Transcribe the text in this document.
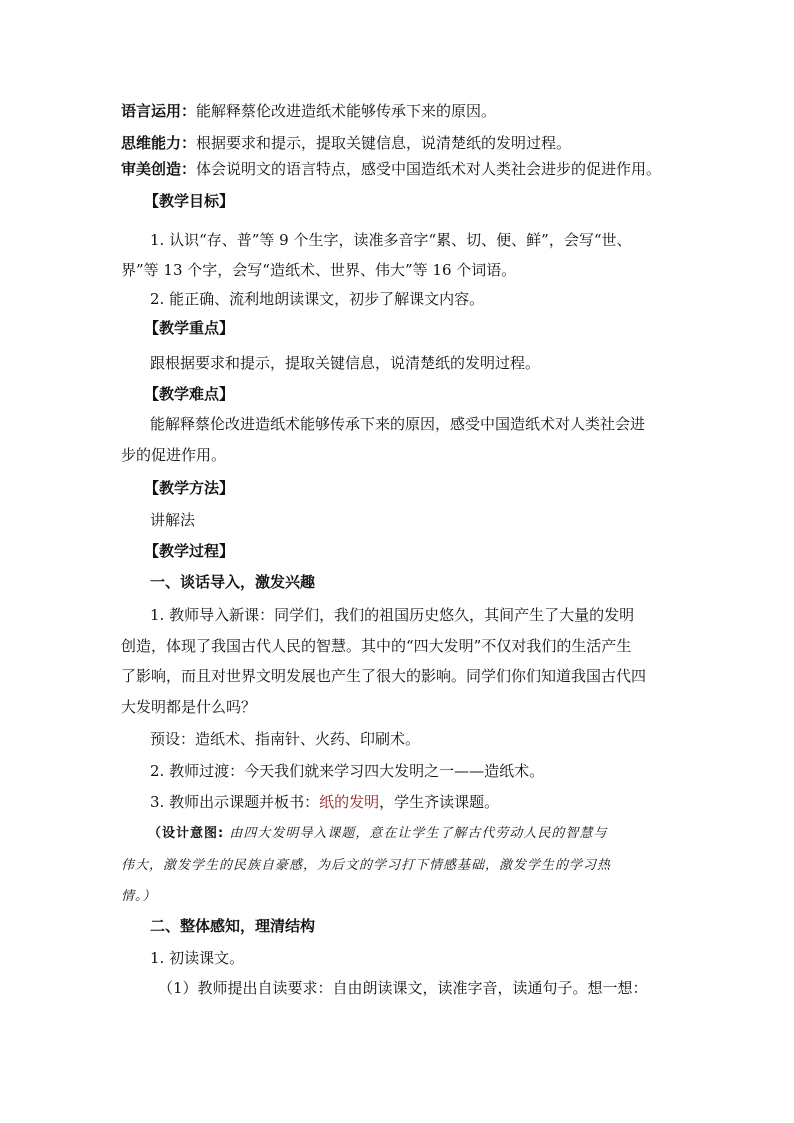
语言运用：能解释蔡伦改进造纸术能够传承下来的原因。
思维能力：根据要求和提示，提取关键信息，说清楚纸的发明过程。
审美创造：体会说明文的语言特点，感受中国造纸术对人类社会进步的促进作用。
【教学目标】
1. 认识“存、普”等 9 个生字，读准多音字“累、切、便、鲜”，会写“世、
界”等 13 个字，会写“造纸术、世界、伟大”等 16 个词语。
2. 能正确、流利地朗读课文，初步了解课文内容。
【教学重点】
跟根据要求和提示，提取关键信息，说清楚纸的发明过程。
【教学难点】
能解释蔡伦改进造纸术能够传承下来的原因，感受中国造纸术对人类社会进
步的促进作用。
【教学方法】
讲解法
【教学过程】
一、谈话导入，激发兴趣
1. 教师导入新课：同学们，我们的祖国历史悠久，其间产生了大量的发明
创造，体现了我国古代人民的智慧。其中的“四大发明”不仅对我们的生活产生
了影响，而且对世界文明发展也产生了很大的影响。同学们你们知道我国古代四
大发明都是什么吗？
预设：造纸术、指南针、火药、印刷术。
2. 教师过渡：今天我们就来学习四大发明之一——造纸术。
3. 教师出示课题并板书：纸的发明，学生齐读课题。
（设计意图: 由四大发明导入课题，意在让学生了解古代劳动人民的智慧与
伟大，激发学生的民族自豪感，为后文的学习打下情感基础，激发学生的学习热
情。）
二、整体感知，理清结构
1. 初读课文。
（1）教师提出自读要求：自由朗读课文，读准字音，读通句子。想一想：
